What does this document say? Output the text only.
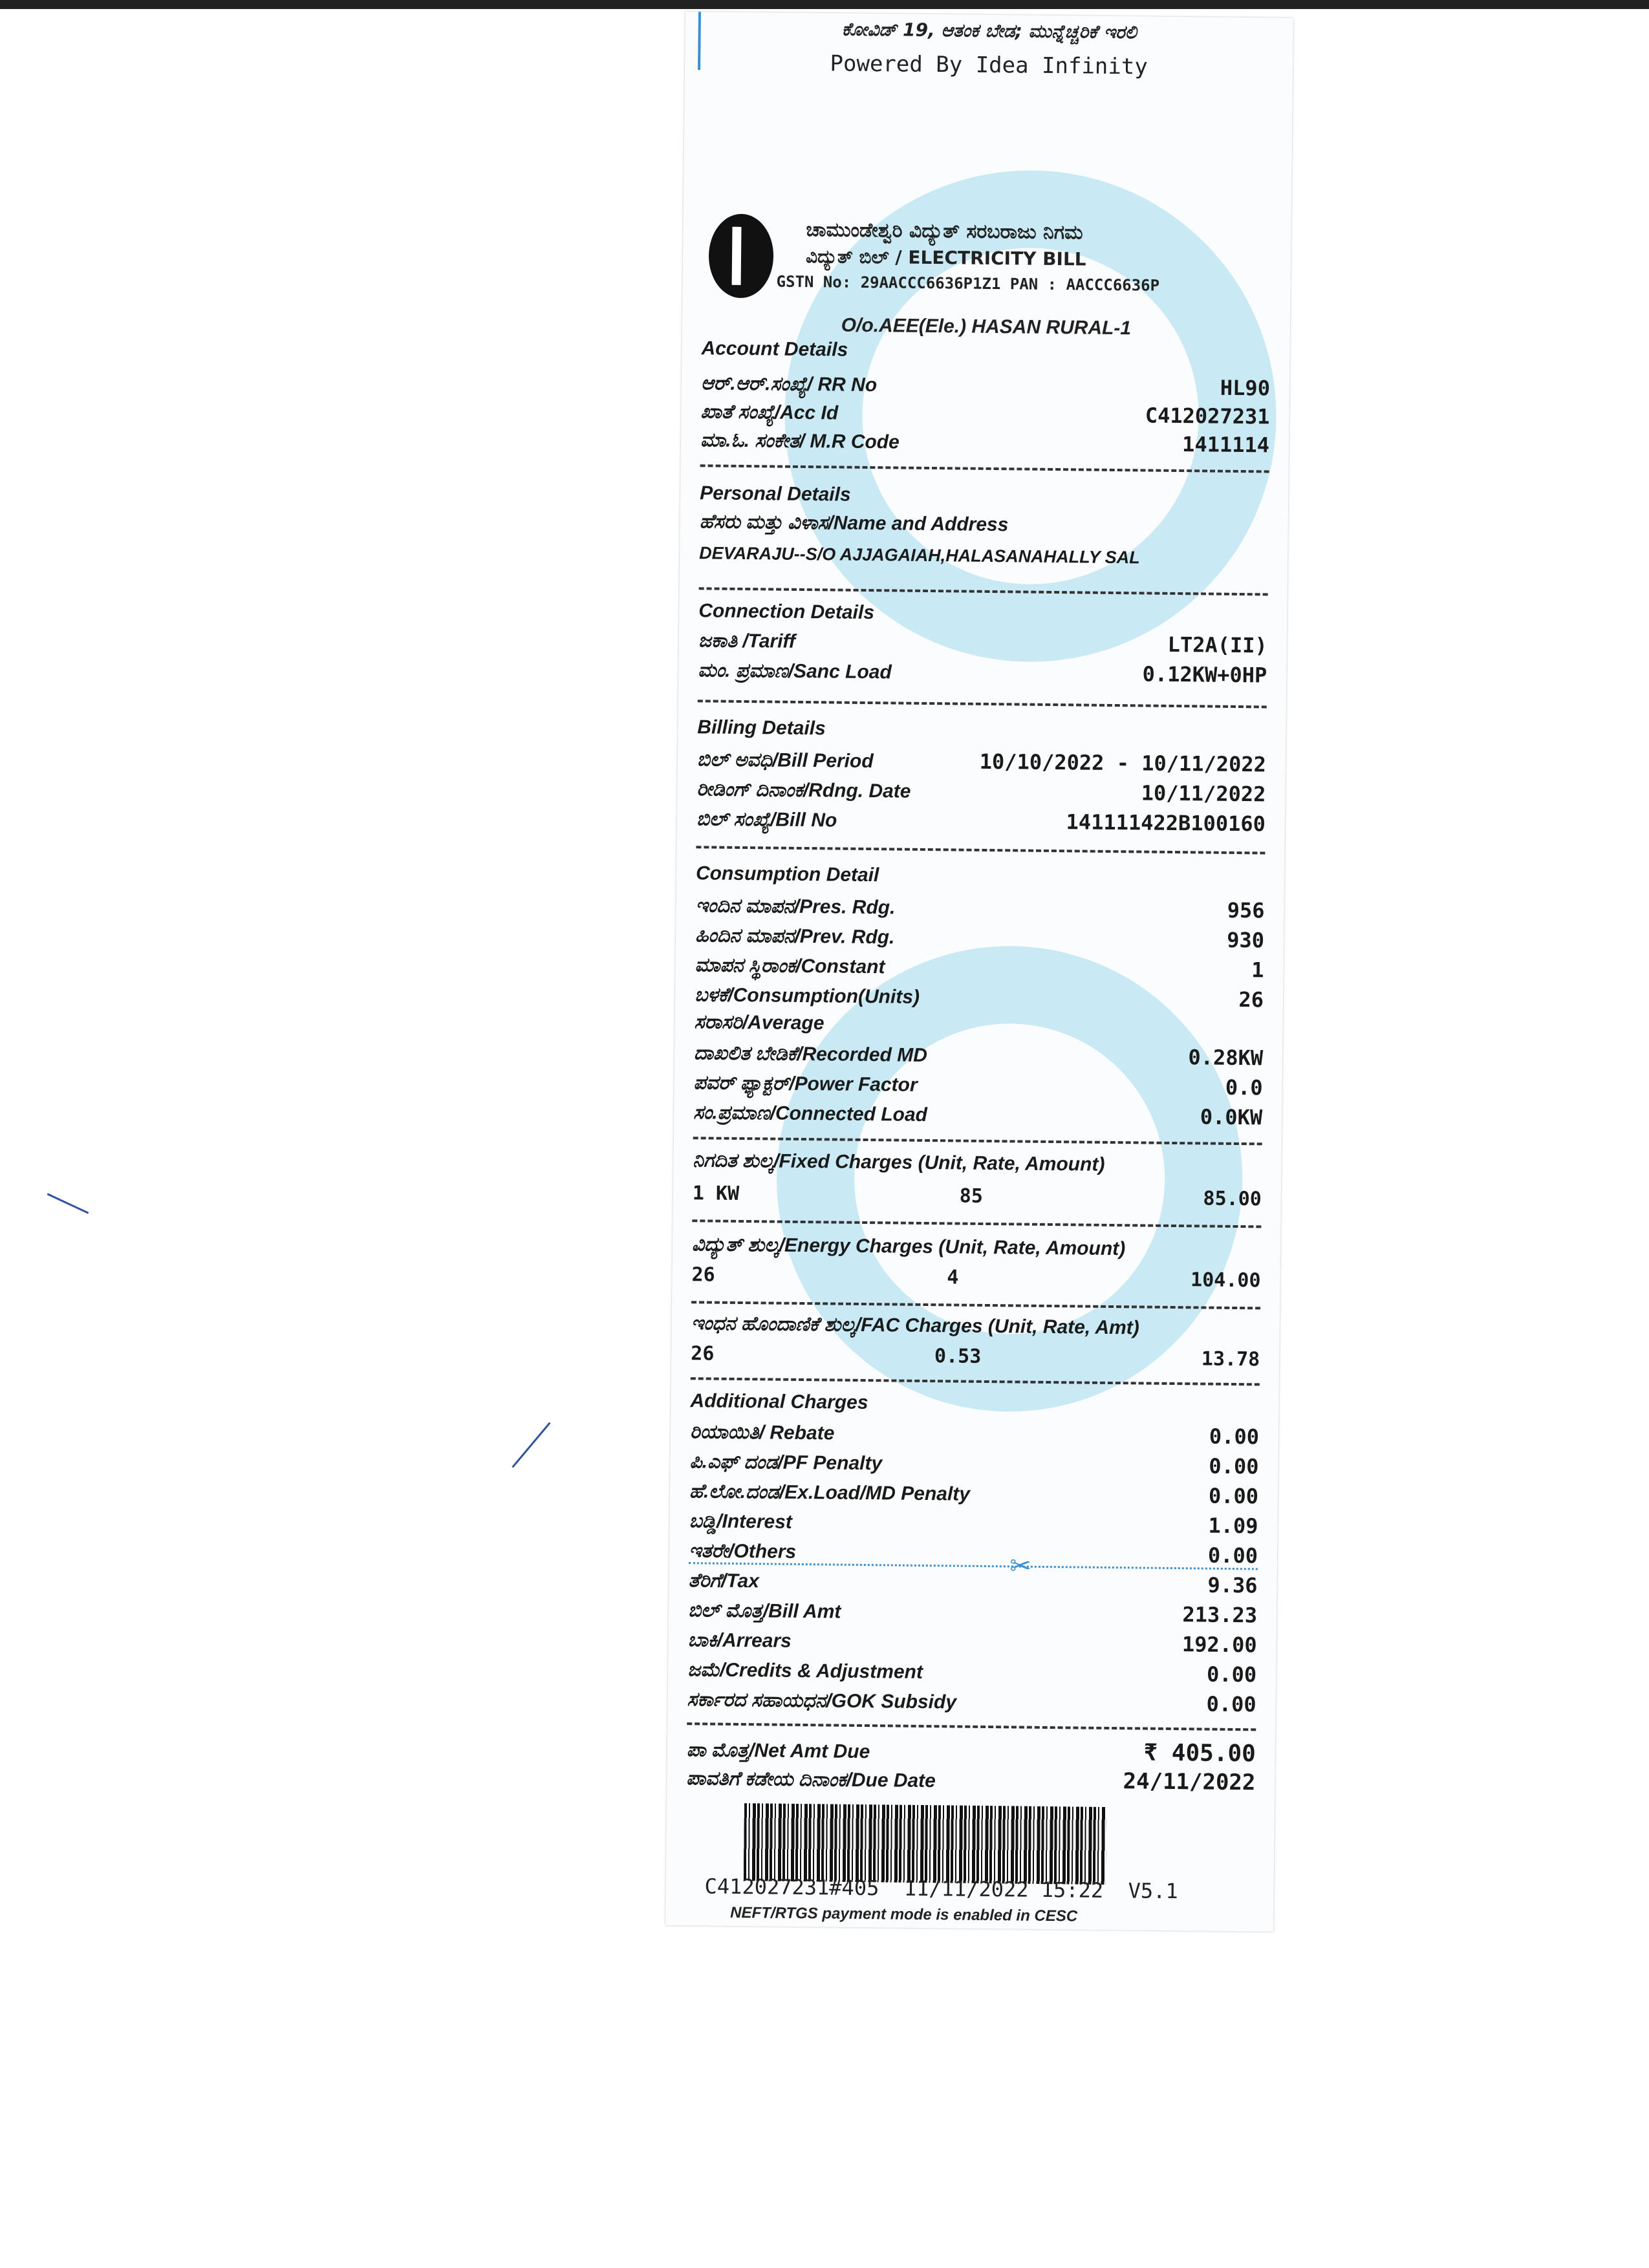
ಕೋವಿಡ್ 19, ಆತಂಕ ಬೇಡ; ಮುನ್ನೆಚ್ಚರಿಕೆ ಇರಲಿ
Powered By Idea Infinity
ಚಾಮುಂಡೇಶ್ವರಿ ವಿದ್ಯುತ್ ಸರಬರಾಜು ನಿಗಮ
ವಿದ್ಯುತ್ ಬಿಲ್ / ELECTRICITY BILL
GSTN No: 29AACCC6636P1Z1 PAN : AACCC6636P
O/o.AEE(Ele.) HASAN RURAL-1
Account Details
ಆರ್.ಆರ್.ಸಂಖ್ಯೆ/ RR No	HL90
ಖಾತೆ ಸಂಖ್ಯೆ/Acc Id	C412027231
ಮಾ.ಓ. ಸಂಕೇತ/ M.R Code	1411114
Personal Details
ಹೆಸರು ಮತ್ತು ವಿಳಾಸ/Name and Address
DEVARAJU--S/O AJJAGAIAH,HALASANAHALLY SAL
Connection Details
ಜಕಾತಿ /Tariff	LT2A(II)
ಮಂ. ಪ್ರಮಾಣ/Sanc Load	0.12KW+0HP
Billing Details
ಬಿಲ್ ಅವಧಿ/Bill Period	10/10/2022 - 10/11/2022
ರೀಡಿಂಗ್ ದಿನಾಂಕ/Rdng. Date	10/11/2022
ಬಿಲ್ ಸಂಖ್ಯೆ/Bill No	141111422B100160
Consumption Detail
ಇಂದಿನ ಮಾಪನ/Pres. Rdg.	956
ಹಿಂದಿನ ಮಾಪನ/Prev. Rdg.	930
ಮಾಪನ ಸ್ಥಿರಾಂಕ/Constant	1
ಬಳಕೆ/Consumption(Units)	26
ಸರಾಸರಿ/Average
ದಾಖಲಿತ ಬೇಡಿಕೆ/Recorded MD	0.28KW
ಪವರ್ ಫ್ಯಾಕ್ಟರ್/Power Factor	0.0
ಸಂ.ಪ್ರಮಾಣ/Connected Load	0.0KW
ನಿಗದಿತ ಶುಲ್ಕ/Fixed Charges (Unit, Rate, Amount)
1 KW	85	85.00
ವಿದ್ಯುತ್ ಶುಲ್ಕ/Energy Charges (Unit, Rate, Amount)
26	4	104.00
ಇಂಧನ ಹೊಂದಾಣಿಕೆ ಶುಲ್ಕ/FAC Charges (Unit, Rate, Amt)
26	0.53	13.78
Additional Charges
ರಿಯಾಯಿತಿ/ Rebate	0.00
ಪಿ.ಎಫ್ ದಂಡ/PF Penalty	0.00
ಹೆ.ಲೋ.ದಂಡ/Ex.Load/MD Penalty	0.00
ಬಡ್ಡಿ/Interest	1.09
ಇತರೇ/Others	0.00
✂
ತೆರಿಗೆ/Tax	9.36
ಬಿಲ್ ಮೊತ್ತ/Bill Amt	213.23
ಬಾಕಿ/Arrears	192.00
ಜಮೆ/Credits & Adjustment	0.00
ಸರ್ಕಾರದ ಸಹಾಯಧನ/GOK Subsidy	0.00
ಪಾ ಮೊತ್ತ/Net Amt Due	₹ 405.00
ಪಾವತಿಗೆ ಕಡೇಯ ದಿನಾಂಕ/Due Date	24/11/2022
C412027231#405  11/11/2022 15:22  V5.1
NEFT/RTGS payment mode is enabled in CESC
